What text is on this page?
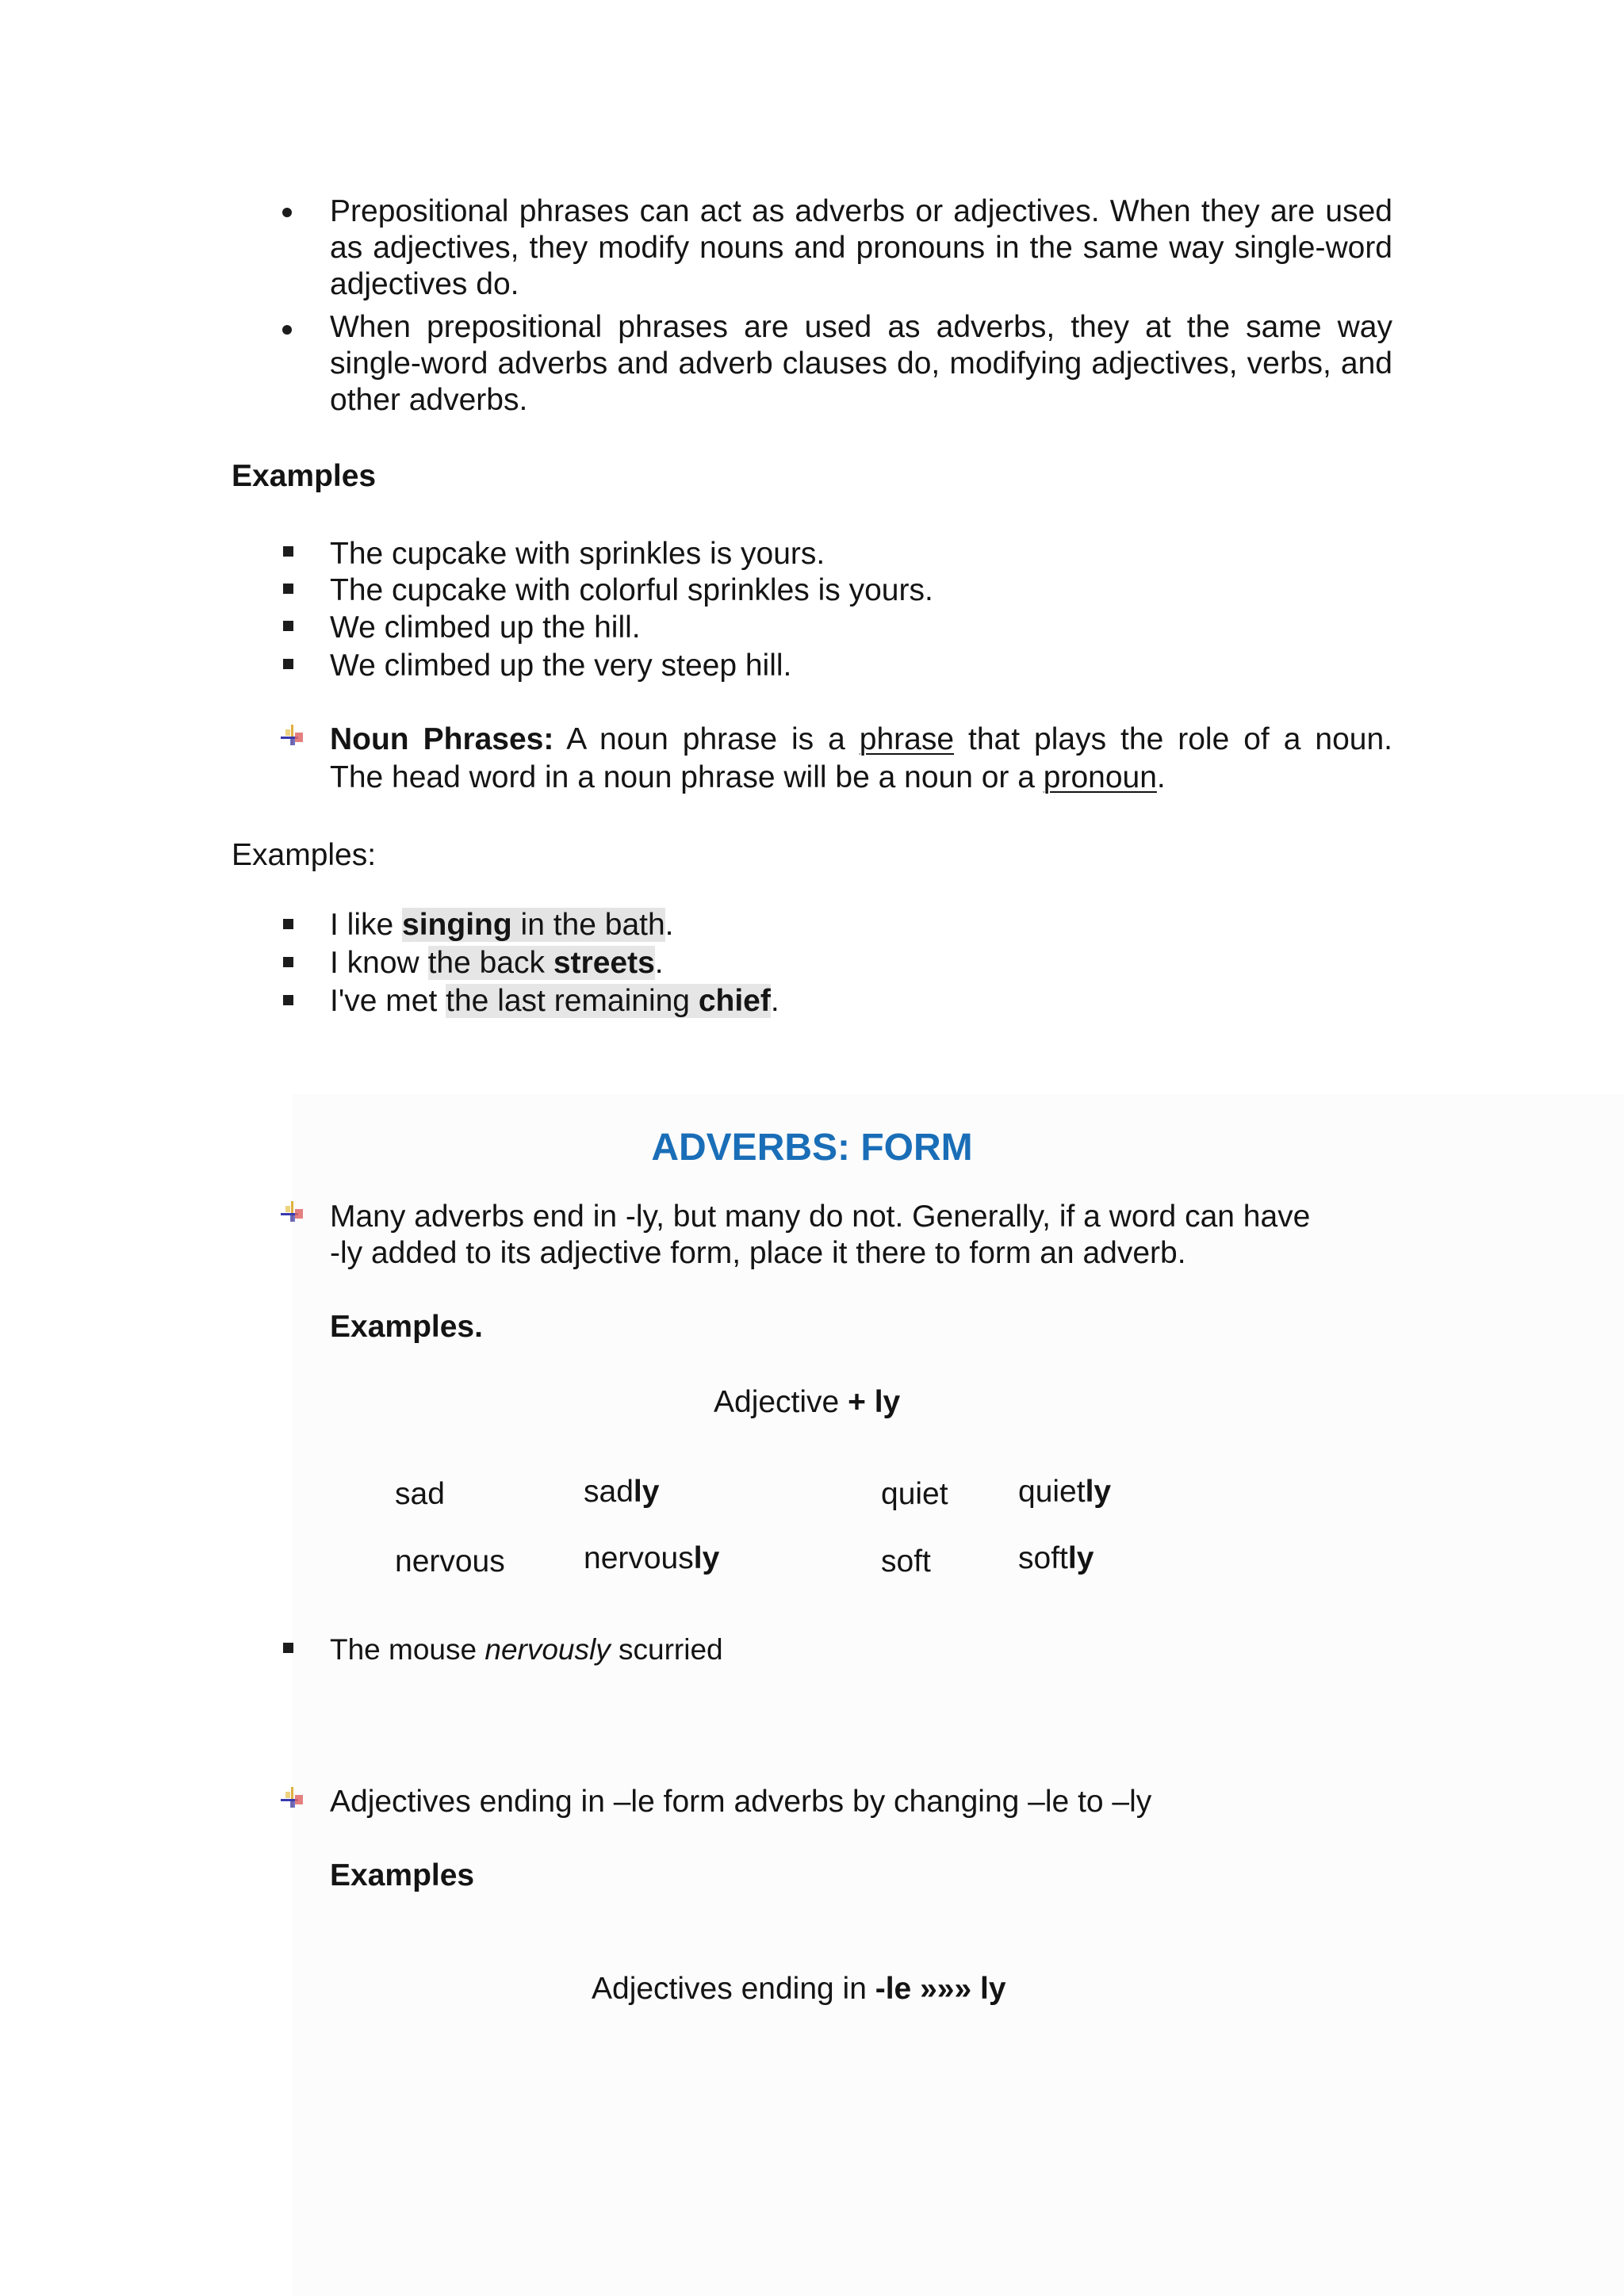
Prepositional phrases can act as adverbs or adjectives. When they are used as adjectives, they modify nouns and pronouns in the same way single-word adjectives do.
When prepositional phrases are used as adverbs, they at the same way single-word adverbs and adverb clauses do, modifying adjectives, verbs, and other adverbs.
Examples
The cupcake with sprinkles is yours.
The cupcake with colorful sprinkles is yours.
We climbed up the hill.
We climbed up the very steep hill.
Noun Phrases: A noun phrase is a phrase that plays the role of a noun.
The head word in a noun phrase will be a noun or a pronoun.
Examples:
I like singing in the bath.
I know the back streets.
I've met the last remaining chief.
ADVERBS: FORM
Many adverbs end in -ly, but many do not. Generally, if a word can have
-ly added to its adjective form, place it there to form an adverb.
Examples.
Adjective + ly
sad	sadly	quiet quietly
nervous	nervously	soft	softly
The mouse nervously scurried
Adjectives ending in –le form adverbs by changing –le to –ly
Examples
Adjectives ending in -le »»» ly
